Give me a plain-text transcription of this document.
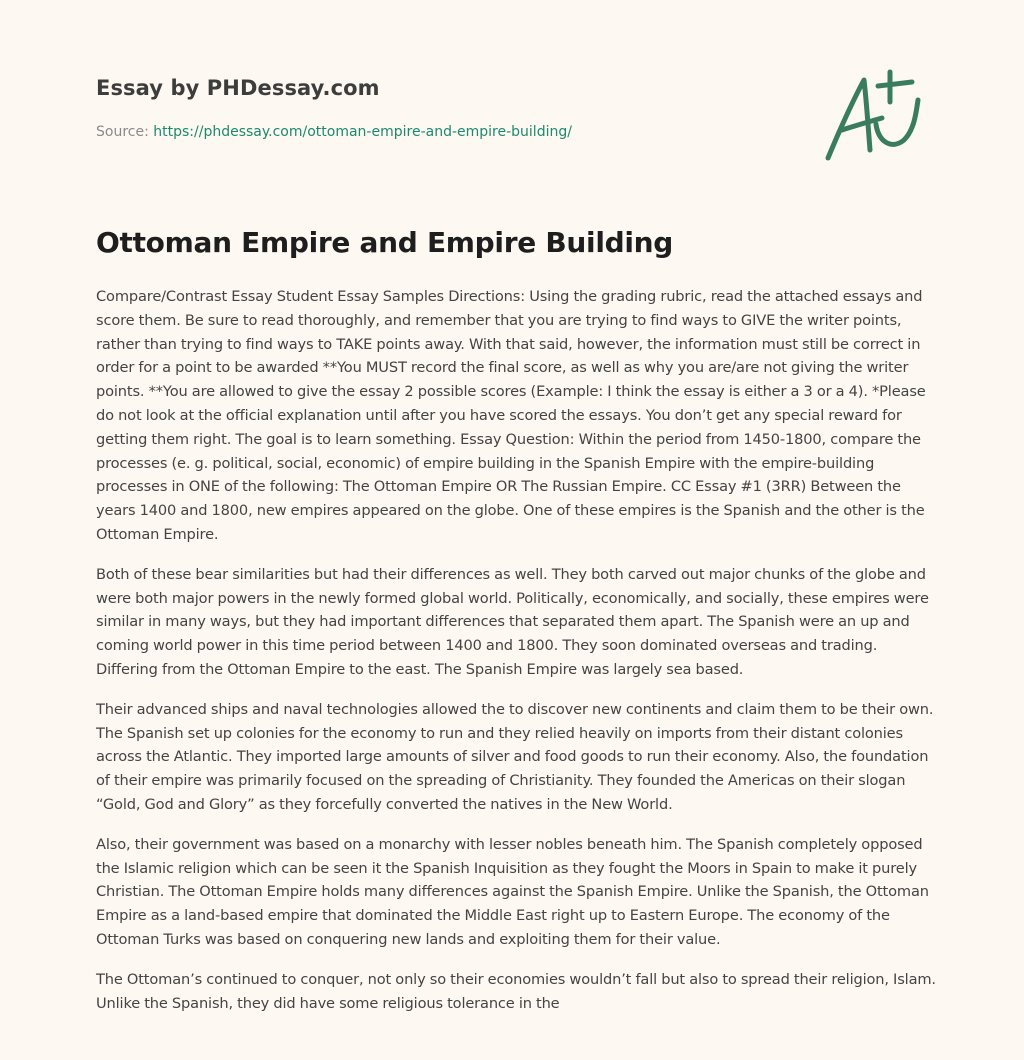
Essay by PHDessay.com
Source: https://phdessay.com/ottoman-empire-and-empire-building/
Ottoman Empire and Empire Building

Compare/Contrast Essay Student Essay Samples Directions: Using the grading rubric, read the attached essays and score them. Be sure to read thoroughly, and remember that you are trying to find ways to GIVE the writer points, rather than trying to find ways to TAKE points away. With that said, however, the information must still be correct in order for a point to be awarded **You MUST record the final score, as well as why you are/are not giving the writer points. **You are allowed to give the essay 2 possible scores (Example: I think the essay is either a 3 or a 4). *Please do not look at the official explanation until after you have scored the essays. You don’t get any special reward for getting them right. The goal is to learn something. Essay Question: Within the period from 1450-1800, compare the processes (e. g. political, social, economic) of empire building in the Spanish Empire with the empire-building processes in ONE of the following: The Ottoman Empire OR The Russian Empire. CC Essay #1 (3RR) Between the years 1400 and 1800, new empires appeared on the globe. One of these empires is the Spanish and the other is the Ottoman Empire.

Both of these bear similarities but had their differences as well. They both carved out major chunks of the globe and were both major powers in the newly formed global world. Politically, economically, and socially, these empires were similar in many ways, but they had important differences that separated them apart. The Spanish were an up and coming world power in this time period between 1400 and 1800. They soon dominated overseas and trading. Differing from the Ottoman Empire to the east. The Spanish Empire was largely sea based.

Their advanced ships and naval technologies allowed the to discover new continents and claim them to be their own. The Spanish set up colonies for the economy to run and they relied heavily on imports from their distant colonies across the Atlantic. They imported large amounts of silver and food goods to run their economy. Also, the foundation of their empire was primarily focused on the spreading of Christianity. They founded the Americas on their slogan “Gold, God and Glory” as they forcefully converted the natives in the New World.

Also, their government was based on a monarchy with lesser nobles beneath him. The Spanish completely opposed the Islamic religion which can be seen it the Spanish Inquisition as they fought the Moors in Spain to make it purely Christian. The Ottoman Empire holds many differences against the Spanish Empire. Unlike the Spanish, the Ottoman Empire as a land-based empire that dominated the Middle East right up to Eastern Europe. The economy of the Ottoman Turks was based on conquering new lands and exploiting them for their value.

The Ottoman’s continued to conquer, not only so their economies wouldn’t fall but also to spread their religion, Islam. Unlike the Spanish, they did have some religious tolerance in the
